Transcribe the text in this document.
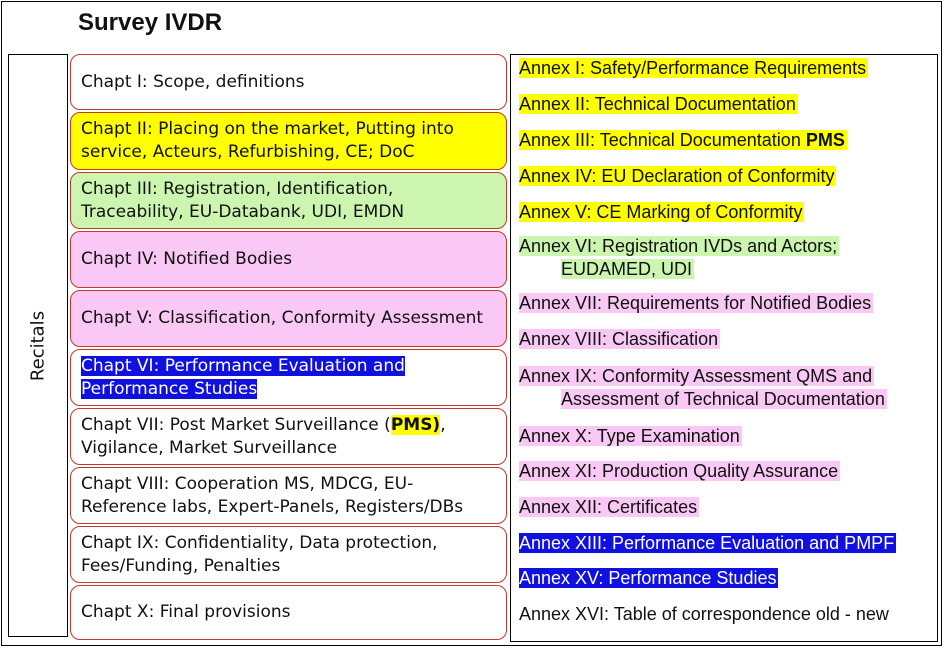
Survey IVDR
Recitals
Chapt I: Scope, definitions
Chapt II: Placing on the market, Putting into service, Acteurs, Refurbishing, CE; DoC
Chapt III: Registration, Identification, Traceability, EU-Databank, UDI, EMDN
Chapt IV: Notified Bodies
Chapt V: Classification, Conformity Assessment
Chapt VI: Performance Evaluation and Performance Studies
Chapt VII: Post Market Surveillance (PMS), Vigilance, Market Surveillance
Chapt VIII: Cooperation MS, MDCG, EU-Reference labs, Expert-Panels, Registers/DBs
Chapt IX: Confidentiality, Data protection, Fees/Funding, Penalties
Chapt X: Final provisions
Annex I: Safety/Performance Requirements
Annex II: Technical Documentation
Annex III: Technical Documentation PMS
Annex IV: EU Declaration of Conformity
Annex V: CE Marking of Conformity
Annex VI: Registration IVDs and Actors;
EUDAMED, UDI
Annex VII: Requirements for Notified Bodies
Annex VIII: Classification
Annex IX: Conformity Assessment QMS and
Assessment of Technical Documentation
Annex X: Type Examination
Annex XI: Production Quality Assurance
Annex XII: Certificates
Annex XIII: Performance Evaluation and PMPF
Annex XV: Performance Studies
Annex XVI: Table of correspondence old - new
